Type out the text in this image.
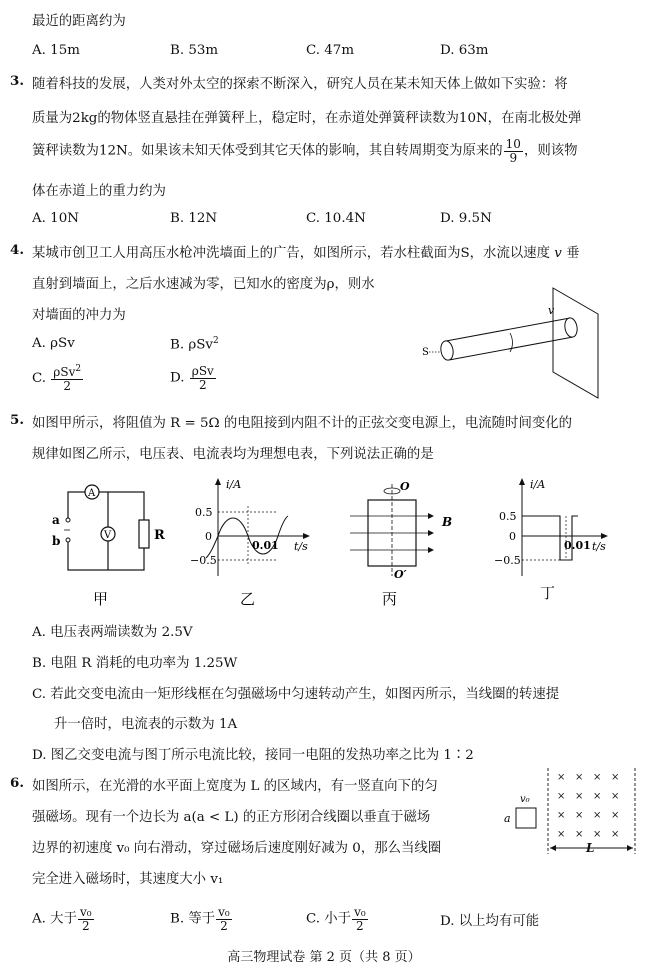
最近的距离约为
A. 15m	B. 53m	C. 47m	D. 63m
3. 随着科技的发展，人类对外太空的探索不断深入，研究人员在某未知天体上做如下实验：将
质量为2kg的物体竖直悬挂在弹簧秤上，稳定时，在赤道处弹簧秤读数为10N，在南北极处弹
簧秤读数为12N。如果该未知天体受到其它天体的影响，其自转周期变为原来的 $\frac{10}{9}$ ，则该物
体在赤道上的重力约为
A. 10N	B. 12N	C. 10.4N	D. 9.5N
4. 某城市创卫工人用高压水枪冲洗墙面上的广告，如图所示，若水柱截面为S，水流以速度 v 垂
直射到墙面上，之后水速减为零，已知水的密度为ρ，则水
对墙面的冲力为
A. ρSv	B. ρSv$^2$
C. $\frac{\rho Sv^2}{2}$	D. $\frac{\text{ρSv}}{2}$
v
S
5. 如图甲所示，将阻值为 R = 5Ω 的电阻接到内阻不计的正弦交变电源上，电流随时间变化的
规律如图乙所示，电压表、电流表均为理想电表，下列说法正确的是
A
V	R
a
b
甲
i/A
0.5
0
−0.5
0.01 t/s
乙
O
O′
B
丙
i/A
0.5
0
−0.5
0.01 t/s
丁
A. 电压表两端读数为 2.5V
B. 电阻 R 消耗的电功率为 1.25W
C. 若此交变电流由一矩形线框在匀强磁场中匀速转动产生，如图丙所示，当线圈的转速提
升一倍时，电流表的示数为 1A
D. 图乙交变电流与图丁所示电流比较，接同一电阻的发热功率之比为 1∶2
6. 如图所示，在光滑的水平面上宽度为 L 的区域内，有一竖直向下的匀
强磁场。现有一个边长为 a(a < L) 的正方形闭合线圈以垂直于磁场
边界的初速度 v₀ 向右滑动，穿过磁场后速度刚好减为 0，那么当线圈
完全进入磁场时，其速度大小 v₁
× × × ×
× × × ×
× × × ×
× × × ×
a
v₀
L
A. 大于 $\frac{\text{v₀}}{2}$	B. 等于 $\frac{\text{v₀}}{2}$	C. 小于 $\frac{\text{v₀}}{2}$	D. 以上均有可能
高三物理试卷 第 2 页（共 8 页）
